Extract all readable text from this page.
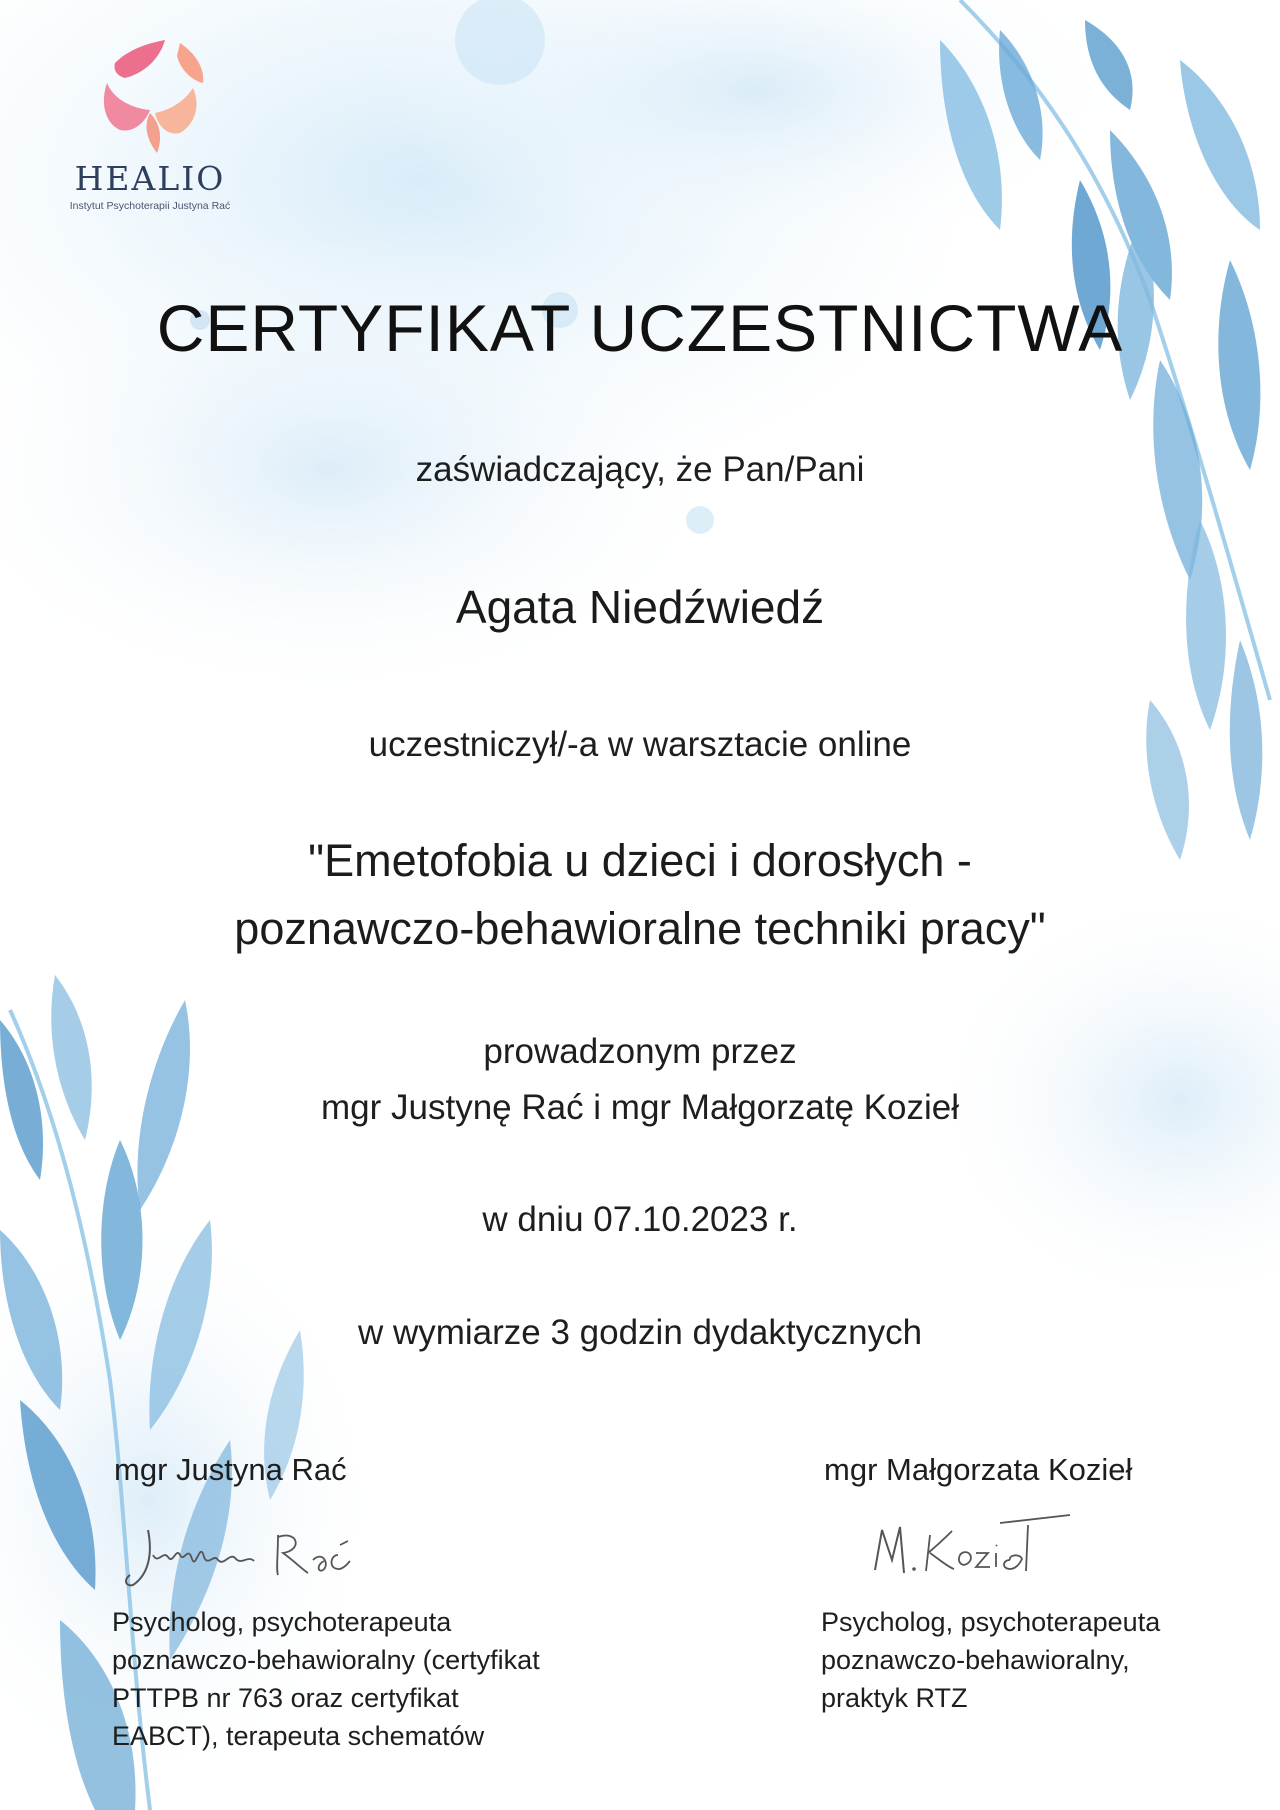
HEALIO
Instytut Psychoterapii Justyna Rać
CERTYFIKAT UCZESTNICTWA
zaświadczający, że Pan/Pani
Agata Niedźwiedź
uczestniczył/-a w warsztacie online
"Emetofobia u dzieci i dorosłych -
poznawczo-behawioralne techniki pracy"
prowadzonym przez
mgr Justynę Rać i mgr Małgorzatę Kozieł
w dniu 07.10.2023 r.
w wymiarze 3 godzin dydaktycznych
mgr Justyna Rać
Psycholog, psychoterapeuta
poznawczo-behawioralny (certyfikat
PTTPB nr 763 oraz certyfikat
EABCT), terapeuta schematów
mgr Małgorzata Kozieł
Psycholog, psychoterapeuta
poznawczo-behawioralny,
praktyk RTZ
